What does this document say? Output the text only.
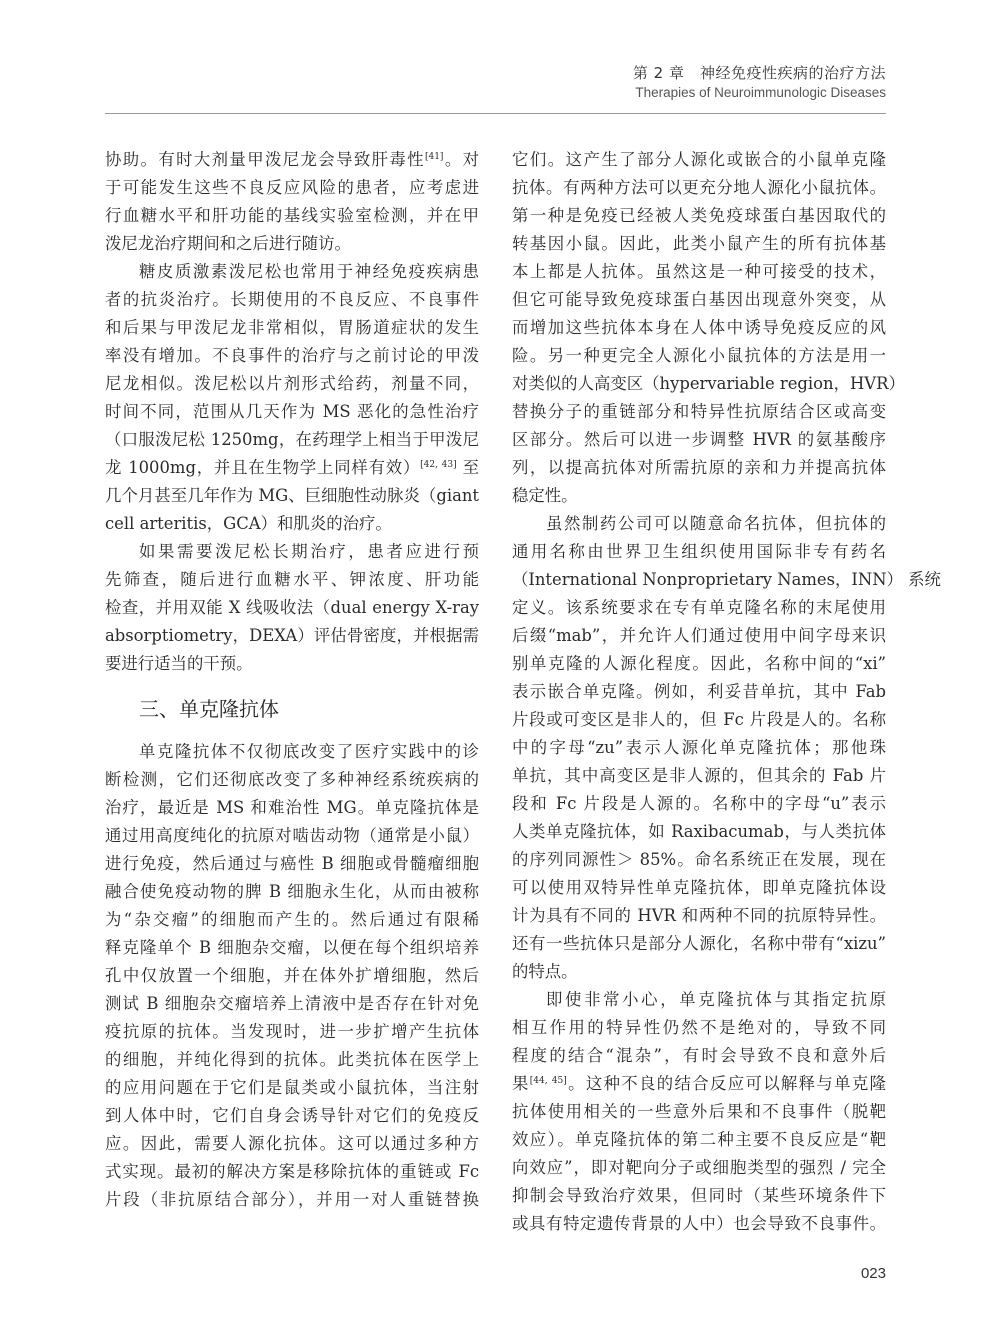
第 2 章　神经免疫性疾病的治疗方法
Therapies of Neuroimmunologic Diseases
协助。有时大剂量甲泼尼龙会导致肝毒性[41]。对
于可能发生这些不良反应风险的患者，应考虑进
行血糖水平和肝功能的基线实验室检测，并在甲
泼尼龙治疗期间和之后进行随访。
糖皮质激素泼尼松也常用于神经免疫疾病患
者的抗炎治疗。长期使用的不良反应、不良事件
和后果与甲泼尼龙非常相似，胃肠道症状的发生
率没有增加。不良事件的治疗与之前讨论的甲泼
尼龙相似。泼尼松以片剂形式给药，剂量不同，
时间不同，范围从几天作为 MS 恶化的急性治疗
（口服泼尼松 1250mg，在药理学上相当于甲泼尼
龙 1000mg，并且在生物学上同样有效）[42, 43] 至
几个月甚至几年作为 MG、巨细胞性动脉炎（giant
cell arteritis，GCA）和肌炎的治疗。
如果需要泼尼松长期治疗，患者应进行预
先筛查，随后进行血糖水平、钾浓度、肝功能
检查，并用双能 X 线吸收法（dual energy X-ray
absorptiometry，DEXA）评估骨密度，并根据需
要进行适当的干预。
三、单克隆抗体
单克隆抗体不仅彻底改变了医疗实践中的诊
断检测，它们还彻底改变了多种神经系统疾病的
治疗，最近是 MS 和难治性 MG。单克隆抗体是
通过用高度纯化的抗原对啮齿动物（通常是小鼠）
进行免疫，然后通过与癌性 B 细胞或骨髓瘤细胞
融合使免疫动物的脾 B 细胞永生化，从而由被称
为“杂交瘤”的细胞而产生的。然后通过有限稀
释克隆单个 B 细胞杂交瘤，以便在每个组织培养
孔中仅放置一个细胞，并在体外扩增细胞，然后
测试 B 细胞杂交瘤培养上清液中是否存在针对免
疫抗原的抗体。当发现时，进一步扩增产生抗体
的细胞，并纯化得到的抗体。此类抗体在医学上
的应用问题在于它们是鼠类或小鼠抗体，当注射
到人体中时，它们自身会诱导针对它们的免疫反
应。因此，需要人源化抗体。这可以通过多种方
式实现。最初的解决方案是移除抗体的重链或 Fc
片段（非抗原结合部分），并用一对人重链替换
它们。这产生了部分人源化或嵌合的小鼠单克隆
抗体。有两种方法可以更充分地人源化小鼠抗体。
第一种是免疫已经被人类免疫球蛋白基因取代的
转基因小鼠。因此，此类小鼠产生的所有抗体基
本上都是人抗体。虽然这是一种可接受的技术，
但它可能导致免疫球蛋白基因出现意外突变，从
而增加这些抗体本身在人体中诱导免疫反应的风
险。另一种更完全人源化小鼠抗体的方法是用一
对类似的人高变区（hypervariable region，HVR）
替换分子的重链部分和特异性抗原结合区或高变
区部分。然后可以进一步调整 HVR 的氨基酸序
列，以提高抗体对所需抗原的亲和力并提高抗体
稳定性。
虽然制药公司可以随意命名抗体，但抗体的
通用名称由世界卫生组织使用国际非专有药名
（International Nonproprietary Names，INN） 系统
定义。该系统要求在专有单克隆名称的末尾使用
后缀“mab”，并允许人们通过使用中间字母来识
别单克隆的人源化程度。因此，名称中间的“xi”
表示嵌合单克隆。例如，利妥昔单抗，其中 Fab
片段或可变区是非人的，但 Fc 片段是人的。名称
中的字母“zu”表示人源化单克隆抗体；那他珠
单抗，其中高变区是非人源的，但其余的 Fab 片
段和 Fc 片段是人源的。名称中的字母“u”表示
人类单克隆抗体，如 Raxibacumab，与人类抗体
的序列同源性＞ 85%。命名系统正在发展，现在
可以使用双特异性单克隆抗体，即单克隆抗体设
计为具有不同的 HVR 和两种不同的抗原特异性。
还有一些抗体只是部分人源化，名称中带有“xizu”
的特点。
即使非常小心，单克隆抗体与其指定抗原
相互作用的特异性仍然不是绝对的，导致不同
程度的结合“混杂”，有时会导致不良和意外后
果[44, 45]。这种不良的结合反应可以解释与单克隆
抗体使用相关的一些意外后果和不良事件（脱靶
效应）。单克隆抗体的第二种主要不良反应是“靶
向效应”，即对靶向分子或细胞类型的强烈 / 完全
抑制会导致治疗效果，但同时（某些环境条件下
或具有特定遗传背景的人中）也会导致不良事件。
023
